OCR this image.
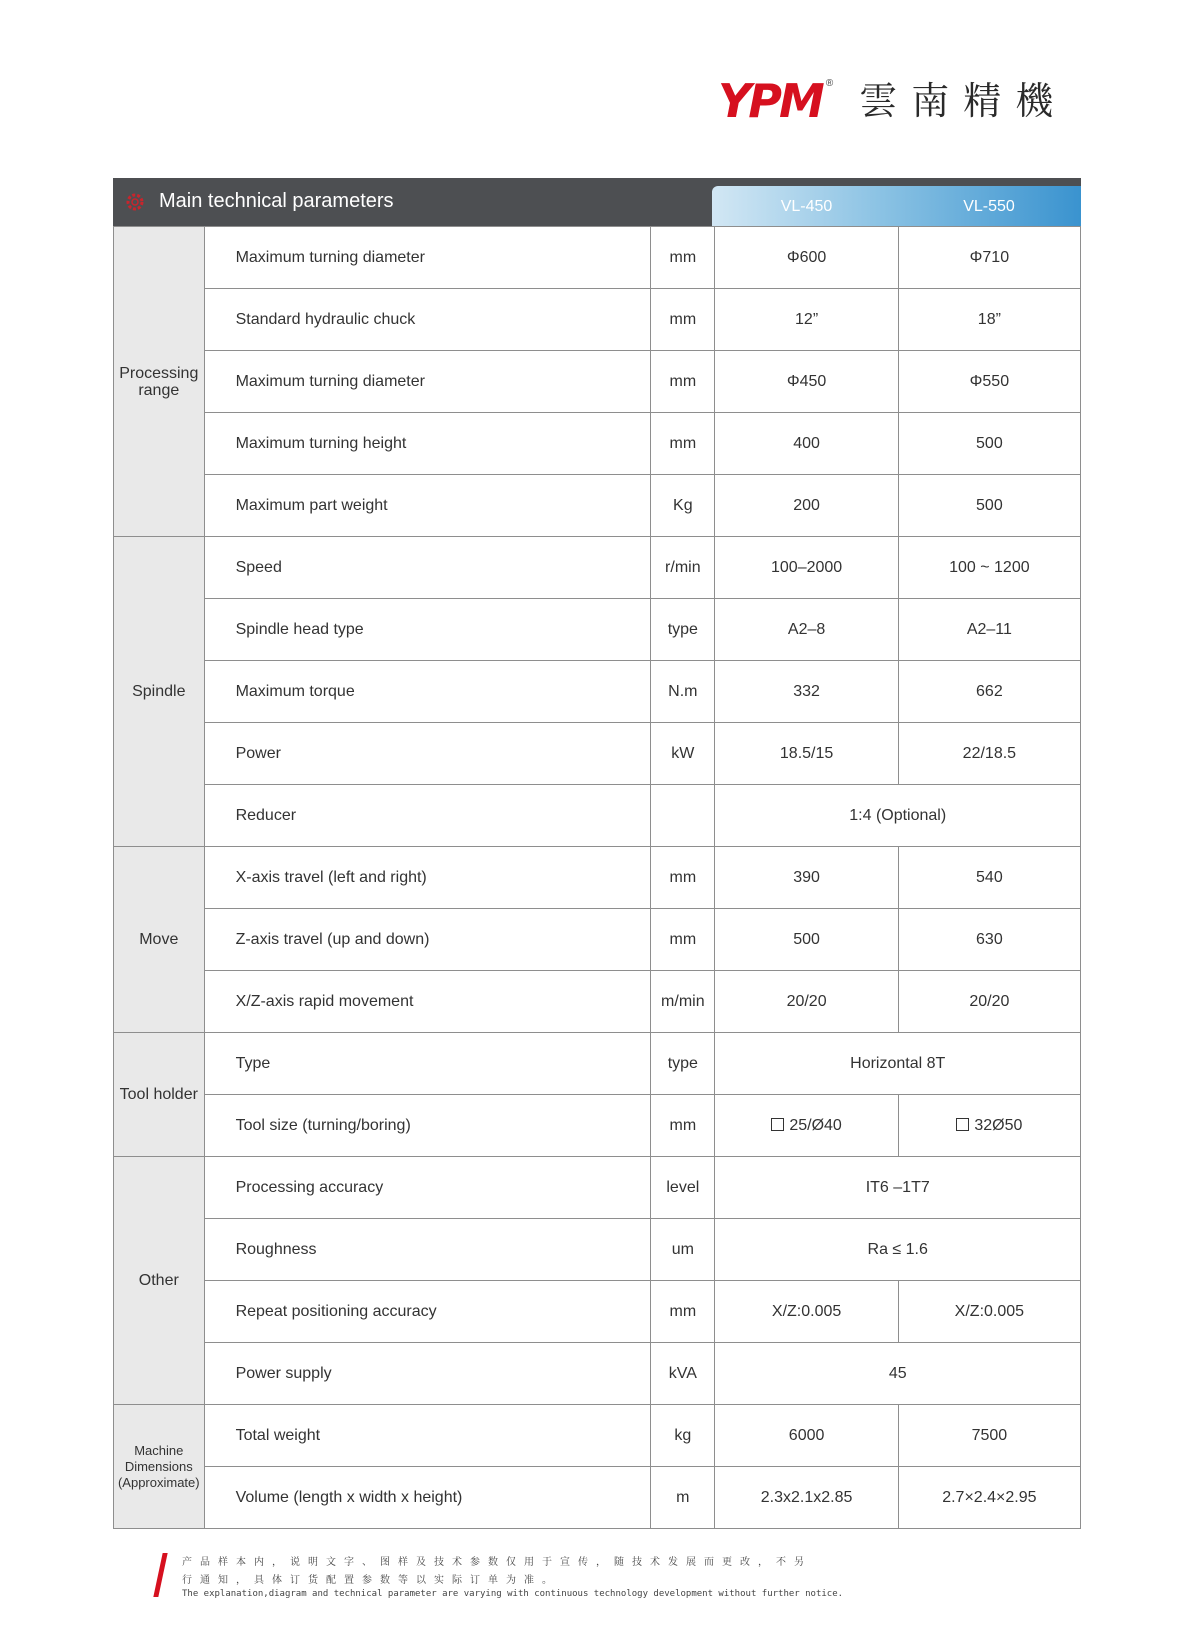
YPM ® 雲南精機
Main technical parameters	VL-450	VL-550
Processing range	Maximum turning diameter	mm	Φ600	Φ710
	Standard hydraulic chuck	mm	12”	18”
	Maximum turning diameter	mm	Φ450	Φ550
	Maximum turning height	mm	400	500
	Maximum part weight	Kg	200	500
Spindle	Speed	r/min	100–2000	100 ~ 1200
	Spindle head type	type	A2–8	A2–11
	Maximum torque	N.m	332	662
	Power	kW	18.5/15	22/18.5
	Reducer		1:4 (Optional)	
Move	X-axis travel (left and right)	mm	390	540
	Z-axis travel (up and down)	mm	500	630
	X/Z-axis rapid movement	m/min	20/20	20/20
Tool holder	Type	type	Horizontal 8T	
	Tool size (turning/boring)	mm	25/Ø40	32Ø50
Other	Processing accuracy	level	IT6 –1T7	
	Roughness	um	Ra ≤ 1.6	
	Repeat positioning accuracy	mm	X/Z:0.005	X/Z:0.005
	Power supply	kVA	45	
Machine Dimensions (Approximate)	Total weight	kg	6000	7500
	Volume (length x width x height)	m	2.3x2.1x2.85	2.7×2.4×2.95
产品样本内，说明文字、图样及技术参数仅用于宣传，随技术发展而更改，不另
行通知，具体订货配置参数等以实际订单为准。
The explanation,diagram and technical parameter are varying with continuous technology development without further notice.
